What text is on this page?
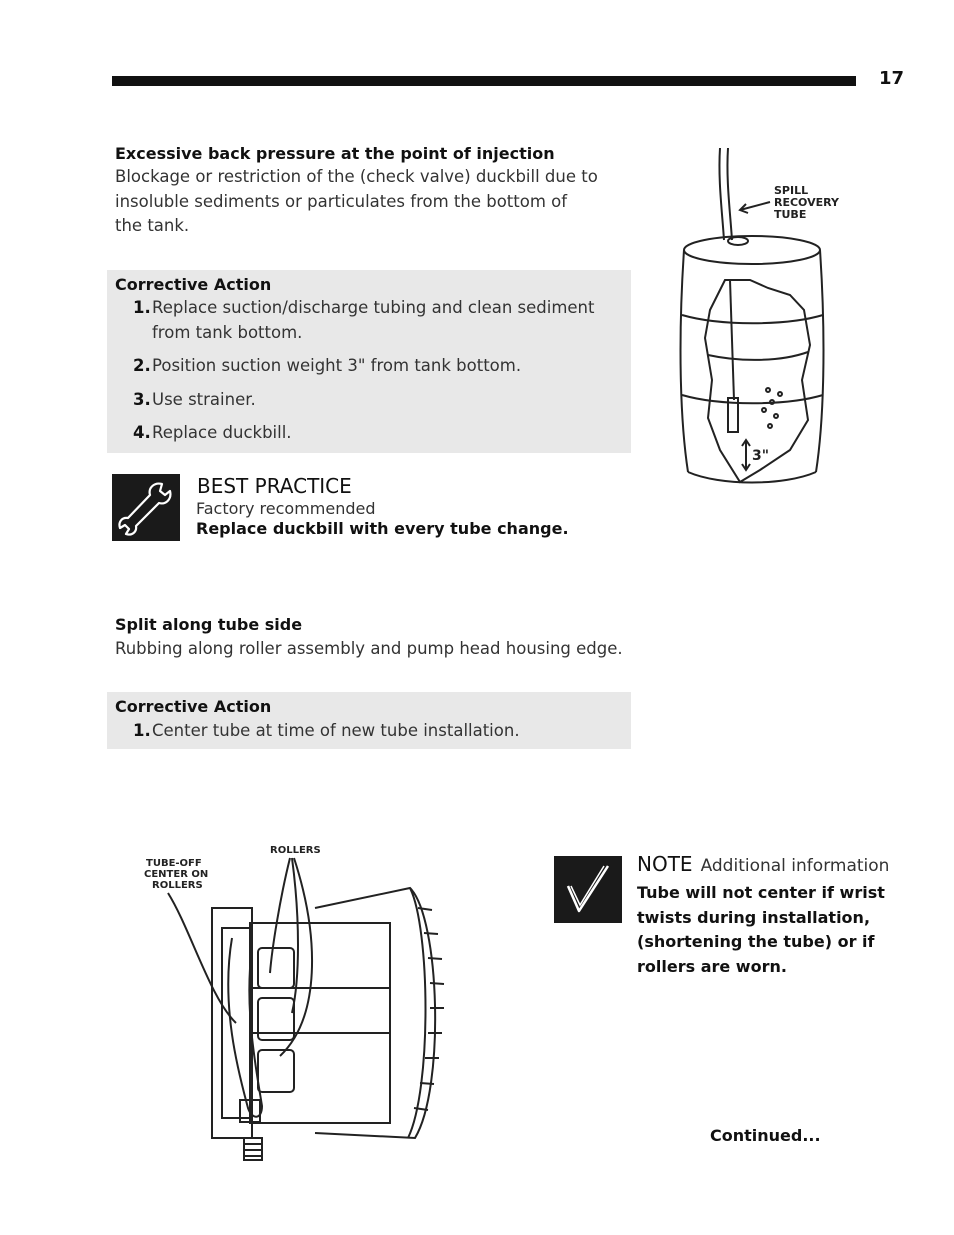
17
Excessive back pressure at the point of injection
Blockage or restriction of the (check valve) duckbill due to
insoluble sediments or particulates from the bottom of
the tank.
Corrective Action
1. Replace suction/discharge tubing and clean sediment
from tank bottom.
2. Position suction weight 3" from tank bottom.
3. Use strainer.
4. Replace duckbill.
BEST PRACTICE
Factory recommended
Replace duckbill with every tube change.
Split along tube side
Rubbing along roller assembly and pump head housing edge.
Corrective Action
1. Center tube at time of new tube installation.
SPILL
RECOVERY
TUBE
3"
TUBE-OFF
CENTER ON
ROLLERS
ROLLERS
NOTE Additional information
Tube will not center if wrist
twists during installation,
(shortening the tube) or if
rollers are worn.
Continued...
